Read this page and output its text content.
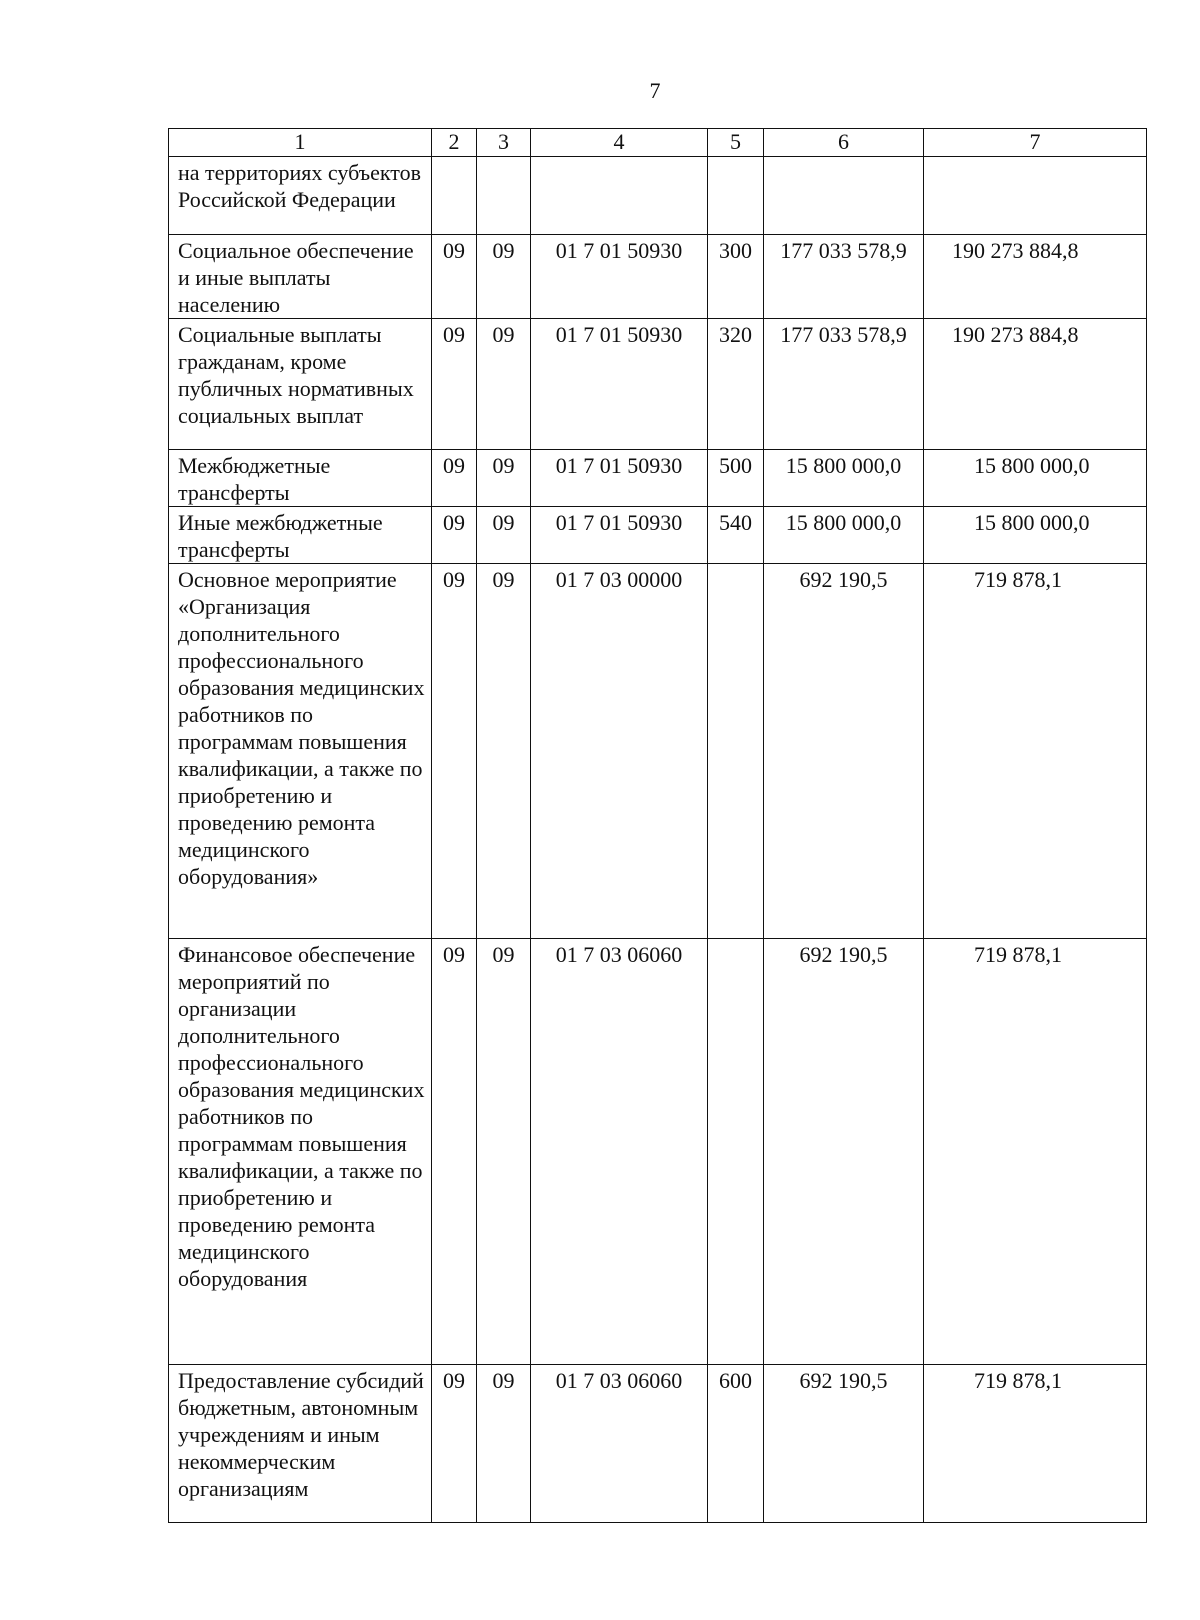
7
1	2	3	4	5	6	7
на территориях субъектов Российской Федерации						
Социальное обеспечение и иные выплаты населению	09	09	01 7 01 50930	300	177 033 578,9	190 273 884,8
Социальные выплаты гражданам, кроме публичных нормативных социальных выплат	09	09	01 7 01 50930	320	177 033 578,9	190 273 884,8
Межбюджетные трансферты	09	09	01 7 01 50930	500	15 800 000,0	15 800 000,0
Иные межбюджетные трансферты	09	09	01 7 01 50930	540	15 800 000,0	15 800 000,0
Основное мероприятие «Организация дополнительного профессионального образования медицинских работников по программам повышения квалификации, а также по приобретению и проведению ремонта медицинского оборудования»	09	09	01 7 03 00000		692 190,5	719 878,1
Финансовое обеспечение мероприятий по организации дополнительного профессионального образования медицинских работников по программам повышения квалификации, а также по приобретению и проведению ремонта медицинского оборудования	09	09	01 7 03 06060		692 190,5	719 878,1
Предоставление субсидий бюджетным, автономным учреждениям и иным некоммерческим организациям	09	09	01 7 03 06060	600	692 190,5	719 878,1
